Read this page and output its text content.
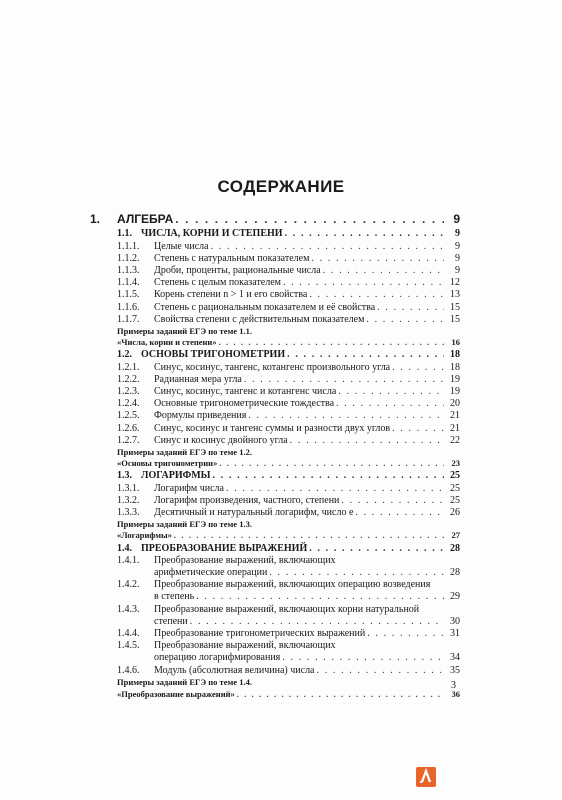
СОДЕРЖАНИЕ
1.	АЛГЕБРА . . .	9
1.1. ЧИСЛА, КОРНИ И СТЕПЕНИ . . .	9
1.1.1.	Целые числа . . .	9
1.1.2.	Степень с натуральным показателем . . .	9
1.1.3.	Дроби, проценты, рациональные числа . . .	9
1.1.4.	Степень с целым показателем . . .	12
1.1.5.	Корень степени n > 1 и его свойства . . .	13
1.1.6.	Степень с рациональным показателем и её свойства . . .	15
1.1.7.	Свойства степени с действительным показателем . . .	15
Примеры заданий ЕГЭ по теме 1.1.
«Числа, корни и степени» . . .	16
1.2. ОСНОВЫ ТРИГОНОМЕТРИИ . . .	18
1.2.1.	Синус, косинус, тангенс, котангенс произвольного угла . . .	18
1.2.2.	Радианная мера угла . . .	19
1.2.3.	Синус, косинус, тангенс и котангенс числа . . .	19
1.2.4.	Основные тригонометрические тождества . . .	20
1.2.5.	Формулы приведения . . .	21
1.2.6.	Синус, косинус и тангенс суммы и разности двух углов . . .	21
1.2.7.	Синус и косинус двойного угла . . .	22
Примеры заданий ЕГЭ по теме 1.2.
«Основы тригонометрии» . . .	23
1.3. ЛОГАРИФМЫ . . .	25
1.3.1.	Логарифм числа . . .	25
1.3.2.	Логарифм произведения, частного, степени . . .	25
1.3.3.	Десятичный и натуральный логарифм, число e . . .	26
Примеры заданий ЕГЭ по теме 1.3.
«Логарифмы» . . .	27
1.4. ПРЕОБРАЗОВАНИЕ ВЫРАЖЕНИЙ . . .	28
1.4.1.	Преобразование выражений, включающих
арифметические операции . . .	28
1.4.2.	Преобразование выражений, включающих операцию возведения
в степень . . .	29
1.4.3.	Преобразование выражений, включающих корни натуральной
степени . . .	30
1.4.4.	Преобразование тригонометрических выражений . . .	31
1.4.5.	Преобразование выражений, включающих
операцию логарифмирования . . .	34
1.4.6.	Модуль (абсолютная величина) числа . . .	35
Примеры заданий ЕГЭ по теме 1.4.
«Преобразование выражений» . . .	36
3
